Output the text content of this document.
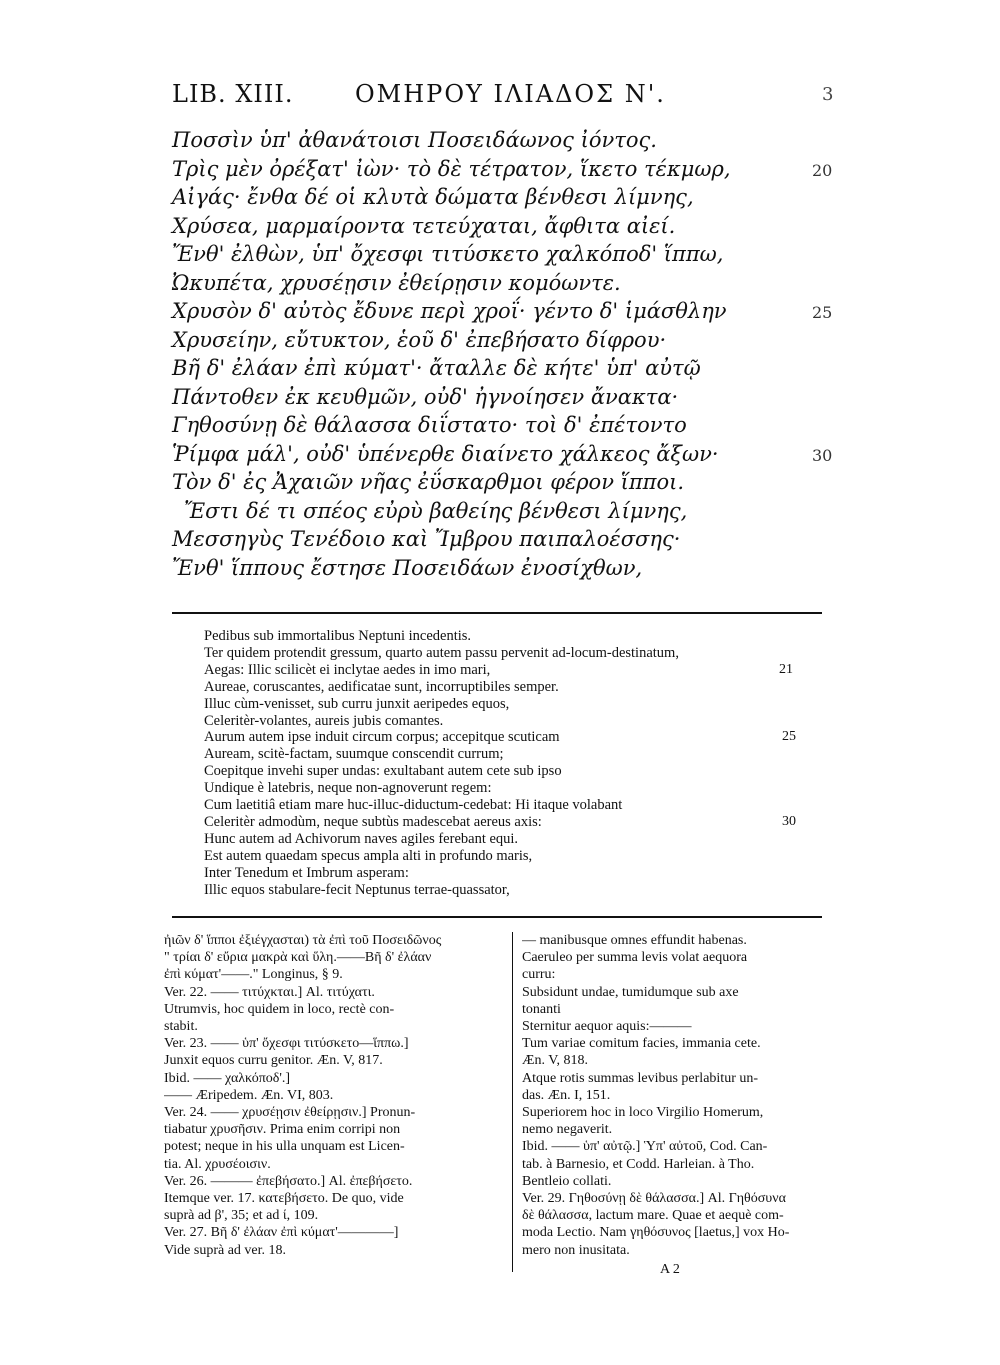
LIB. XIII.	ΟΜΗΡΟΥ ΙΛΙΑΔΟΣ Ν'.	3
Ποσσὶν ὑπ' ἀθανάτοισι Ποσειδάωνος ἰόντος.
Τρὶς μὲν ὀρέξατ' ἰὼν· τὸ δὲ τέτρατον, ἵκετο τέκμωρ,	20
Αἰγάς· ἔνθα δέ οἱ κλυτὰ δώματα βένθεσι λίμνης,
Χρύσεα, μαρμαίροντα τετεύχαται, ἄφθιτα αἰεί.
Ἔνθ' ἐλθὼν, ὑπ' ὄχεσφι τιτύσκετο χαλκόποδ' ἵππω,
Ὠκυπέτα, χρυσέῃσιν ἐθείρῃσιν κομόωντε.
Χρυσὸν δ' αὐτὸς ἔδυνε περὶ χροΐ· γέντο δ' ἱμάσθλην	25
Χρυσείην, εὔτυκτον, ἑοῦ δ' ἐπεβήσατο δίφρου·
Βῆ δ' ἐλάαν ἐπὶ κύματ'· ἄταλλε δὲ κήτε' ὑπ' αὐτῷ
Πάντοθεν ἐκ κευθμῶν, οὐδ' ἠγνοίησεν ἄνακτα·
Γηθοσύνῃ δὲ θάλασσα διΐστατο· τοὶ δ' ἐπέτοντο
Ῥίμφα μάλ', οὐδ' ὑπένερθε διαίνετο χάλκεος ἄξων·	30
Τὸν δ' ἐς Ἀχαιῶν νῆας ἐΰσκαρθμοι φέρον ἵπποι.
Ἔστι δέ τι σπέος εὐρὺ βαθείης βένθεσι λίμνης,
Μεσσηγὺς Τενέδοιο καὶ Ἴμβρου παιπαλοέσσης·
Ἔνθ' ἵππους ἔστησε Ποσειδάων ἐνοσίχθων,
Pedibus sub immortalibus Neptuni incedentis.
Ter quidem protendit gressum, quarto autem passu pervenit ad-locum-destinatum,
Aegas: Illic scilicèt ei inclytae aedes in imo mari,	21
Aureae, coruscantes, aedificatae sunt, incorruptibiles semper.
Illuc cùm-venisset, sub curru junxit aeripedes equos,
Celeritèr-volantes, aureis jubis comantes.
Aurum autem ipse induit circum corpus; accepitque scuticam	25
Auream, scitè-factam, suumque conscendit currum;
Coepitque invehi super undas: exultabant autem cete sub ipso
Undique è latebris, neque non-agnoverunt regem:
Cum laetitiâ etiam mare huc-illuc-diductum-cedebat: Hi itaque volabant
Celeritèr admodùm, neque subtùs madescebat aereus axis:	30
Hunc autem ad Achivorum naves agiles ferebant equi.
Est autem quaedam specus ampla alti in profundo maris,
Inter Tenedum et Imbrum asperam:
Illic equos stabulare-fecit Neptunus terrae-quassator,
ἠιῶν δ' ἵπποι ἐξιέγχασται) τὰ ἐπὶ τοῦ Ποσειδῶνος
" τρίαι δ' εὔρια μακρὰ καὶ ὕλη.——Βῆ δ' ἐλάαν
ἐπὶ κύματ'——." Longinus, § 9.
Ver. 22. —— τιτύχκται.] Al. τιτύχατι.
Utrumvis, hoc quidem in loco, rectè con-
stabit.
Ver. 23. —— ὑπ' ὄχεσφι τιτύσκετο—ἵππω.]
Junxit equos curru genitor. Æn. V, 817.
Ibid. —— χαλκόποδ'.]
—— Æripedem. Æn. VI, 803.
Ver. 24. —— χρυσέῃσιν ἐθείρῃσιν.] Pronun-
tiabatur χρυσῆσιν. Prima enim corripi non
potest; neque in his ulla unquam est Licen-
tia. Al. χρυσέοισιν.
Ver. 26. ——— ἐπεβήσατο.] Al. ἐπεβήσετο.
Itemque ver. 17. κατεβήσετο. De quo, vide
suprà ad β', 35; et ad ί, 109.
Ver. 27. Βῆ δ' ἐλάαν ἐπὶ κύματ'————]
Vide suprà ad ver. 18.
— manibusque omnes effundit habenas.
Caeruleo per summa levis volat aequora
curru:
Subsidunt undae, tumidumque sub axe
tonanti
Sternitur aequor aquis:———
Tum variae comitum facies, immania cete.
Æn. V, 818.
Atque rotis summas levibus perlabitur un-
das. Æn. I, 151.
Superiorem hoc in loco Virgilio Homerum,
nemo negaverit.
Ibid. —— ὑπ' αὐτῷ.] Ὑπ' αὐτοῦ, Cod. Can-
tab. à Barnesio, et Codd. Harleian. à Tho.
Bentleio collati.
Ver. 29. Γηθοσύνῃ δὲ θάλασσα.] Al. Γηθόσυνα
δὲ θάλασσα, lactum mare. Quae et aequè com-
moda Lectio. Nam γηθόσυνος [laetus,] vox Ho-
mero non inusitata.
A 2
